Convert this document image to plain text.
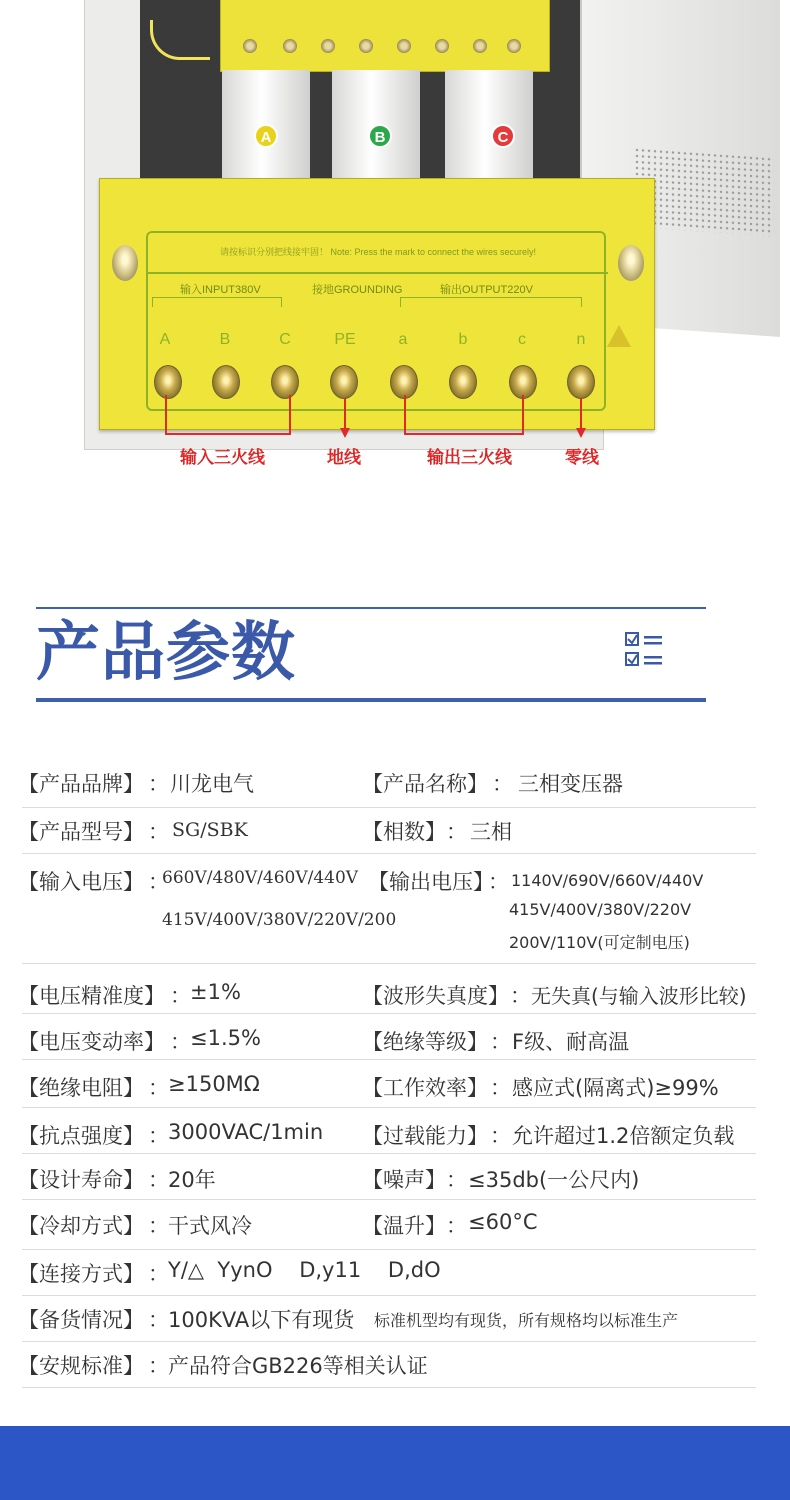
A	B	C
请按标识分别把线接牢固！ Note: Press the mark to connect the wires securely!
输入INPUT380V	接地GROUNDING	输出OUTPUT220V
A	B	C	PE	a	b	c	n
输入三火线	地线	输出三火线	零线
产品参数
【产品品牌】 ： 川龙电气	【产品名称】 ： 三相变压器
【产品型号】 ： SG/SBK	【相数】 ： 三相
【输入电压】 ：
660V/480V/460V/440V
415V/400V/380V/220V/200
【输出电压】
： 1140V/690V/660V/440V
415V/400V/380V/220V
200V/110V(可定制电压)
【电压精准度】 ： ±1%	【波形失真度】 ： 无失真(与输入波形比较)
【电压变动率】 ： ≤1.5%	【绝缘等级】 ： F级、耐高温
【绝缘电阻】 ： ≥150MΩ	【工作效率】 ： 感应式(隔离式)≥99%
【抗点强度】 ： 3000VAC/1min 【过载能力】 ： 允许超过1.2倍额定负载
【设计寿命】 ： 20年	【噪声】 ： ≤35db(一公尺内)
【冷却方式】 ： 干式风冷	【温升】 ： ≤60°C
【连接方式】 ： Y/△  YynO    D,y11    D,dO
【备货情况】 ： 100KVA以下有现货 标准机型均有现货，所有规格均以标准生产
【安规标准】 ： 产品符合GB226等相关认证
